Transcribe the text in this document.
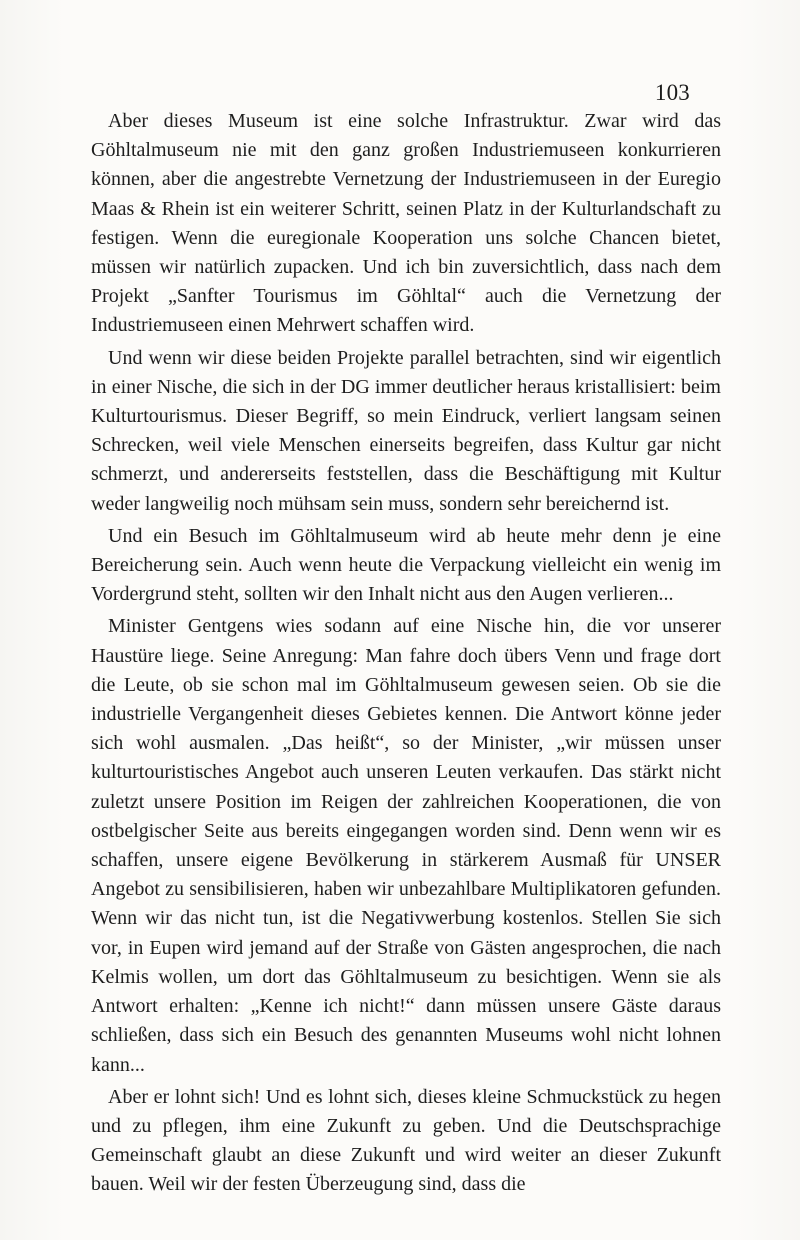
103

Aber dieses Museum ist eine solche Infrastruktur. Zwar wird das Göhltalmuseum nie mit den ganz großen Industriemuseen konkurrieren können, aber die angestrebte Vernetzung der Industriemuseen in der Euregio Maas & Rhein ist ein weiterer Schritt, seinen Platz in der Kulturlandschaft zu festigen. Wenn die euregionale Kooperation uns solche Chancen bietet, müssen wir natürlich zupacken. Und ich bin zuversichtlich, dass nach dem Projekt „Sanfter Tourismus im Göhltal“ auch die Vernetzung der Industriemuseen einen Mehrwert schaffen wird.

Und wenn wir diese beiden Projekte parallel betrachten, sind wir eigentlich in einer Nische, die sich in der DG immer deutlicher heraus kristallisiert: beim Kulturtourismus. Dieser Begriff, so mein Eindruck, verliert langsam seinen Schrecken, weil viele Menschen einerseits begreifen, dass Kultur gar nicht schmerzt, und andererseits feststellen, dass die Beschäftigung mit Kultur weder langweilig noch mühsam sein muss, sondern sehr bereichernd ist.

Und ein Besuch im Göhltalmuseum wird ab heute mehr denn je eine Bereicherung sein. Auch wenn heute die Verpackung vielleicht ein wenig im Vordergrund steht, sollten wir den Inhalt nicht aus den Augen verlieren...

Minister Gentgens wies sodann auf eine Nische hin, die vor unserer Haustüre liege. Seine Anregung: Man fahre doch übers Venn und frage dort die Leute, ob sie schon mal im Göhltalmuseum gewesen seien. Ob sie die industrielle Vergangenheit dieses Gebietes kennen. Die Antwort könne jeder sich wohl ausmalen. „Das heißt“, so der Minister, „wir müssen unser kulturtouristisches Angebot auch unseren Leuten verkaufen. Das stärkt nicht zuletzt unsere Position im Reigen der zahlreichen Kooperationen, die von ostbelgischer Seite aus bereits eingegangen worden sind. Denn wenn wir es schaffen, unsere eigene Bevölkerung in stärkerem Ausmaß für UNSER Angebot zu sensibilisieren, haben wir unbezahlbare Multiplikatoren gefunden. Wenn wir das nicht tun, ist die Negativwerbung kostenlos. Stellen Sie sich vor, in Eupen wird jemand auf der Straße von Gästen angesprochen, die nach Kelmis wollen, um dort das Göhltalmuseum zu besichtigen. Wenn sie als Antwort erhalten: „Kenne ich nicht!“ dann müssen unsere Gäste daraus schließen, dass sich ein Besuch des genannten Museums wohl nicht lohnen kann...

Aber er lohnt sich! Und es lohnt sich, dieses kleine Schmuckstück zu hegen und zu pflegen, ihm eine Zukunft zu geben. Und die Deutschsprachige Gemeinschaft glaubt an diese Zukunft und wird weiter an dieser Zukunft bauen. Weil wir der festen Überzeugung sind, dass die
